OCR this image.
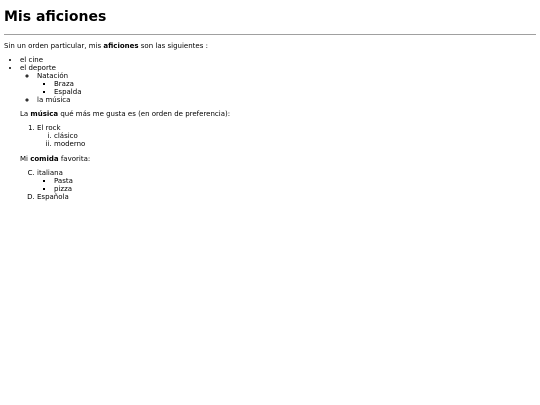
Mis aficiones

Sin un orden particular, mis aficiones son las siguientes :

• el cine
• el deporte
◦ Natación
▪ Braza
▪ Espalda
◦ la música

La música qué más me gusta es (en orden de preferencia):

1. El rock
i. clásico
ii. moderno

Mi comida favorita:

C. italiana
▪ Pasta
▪ pizza
D. Española
